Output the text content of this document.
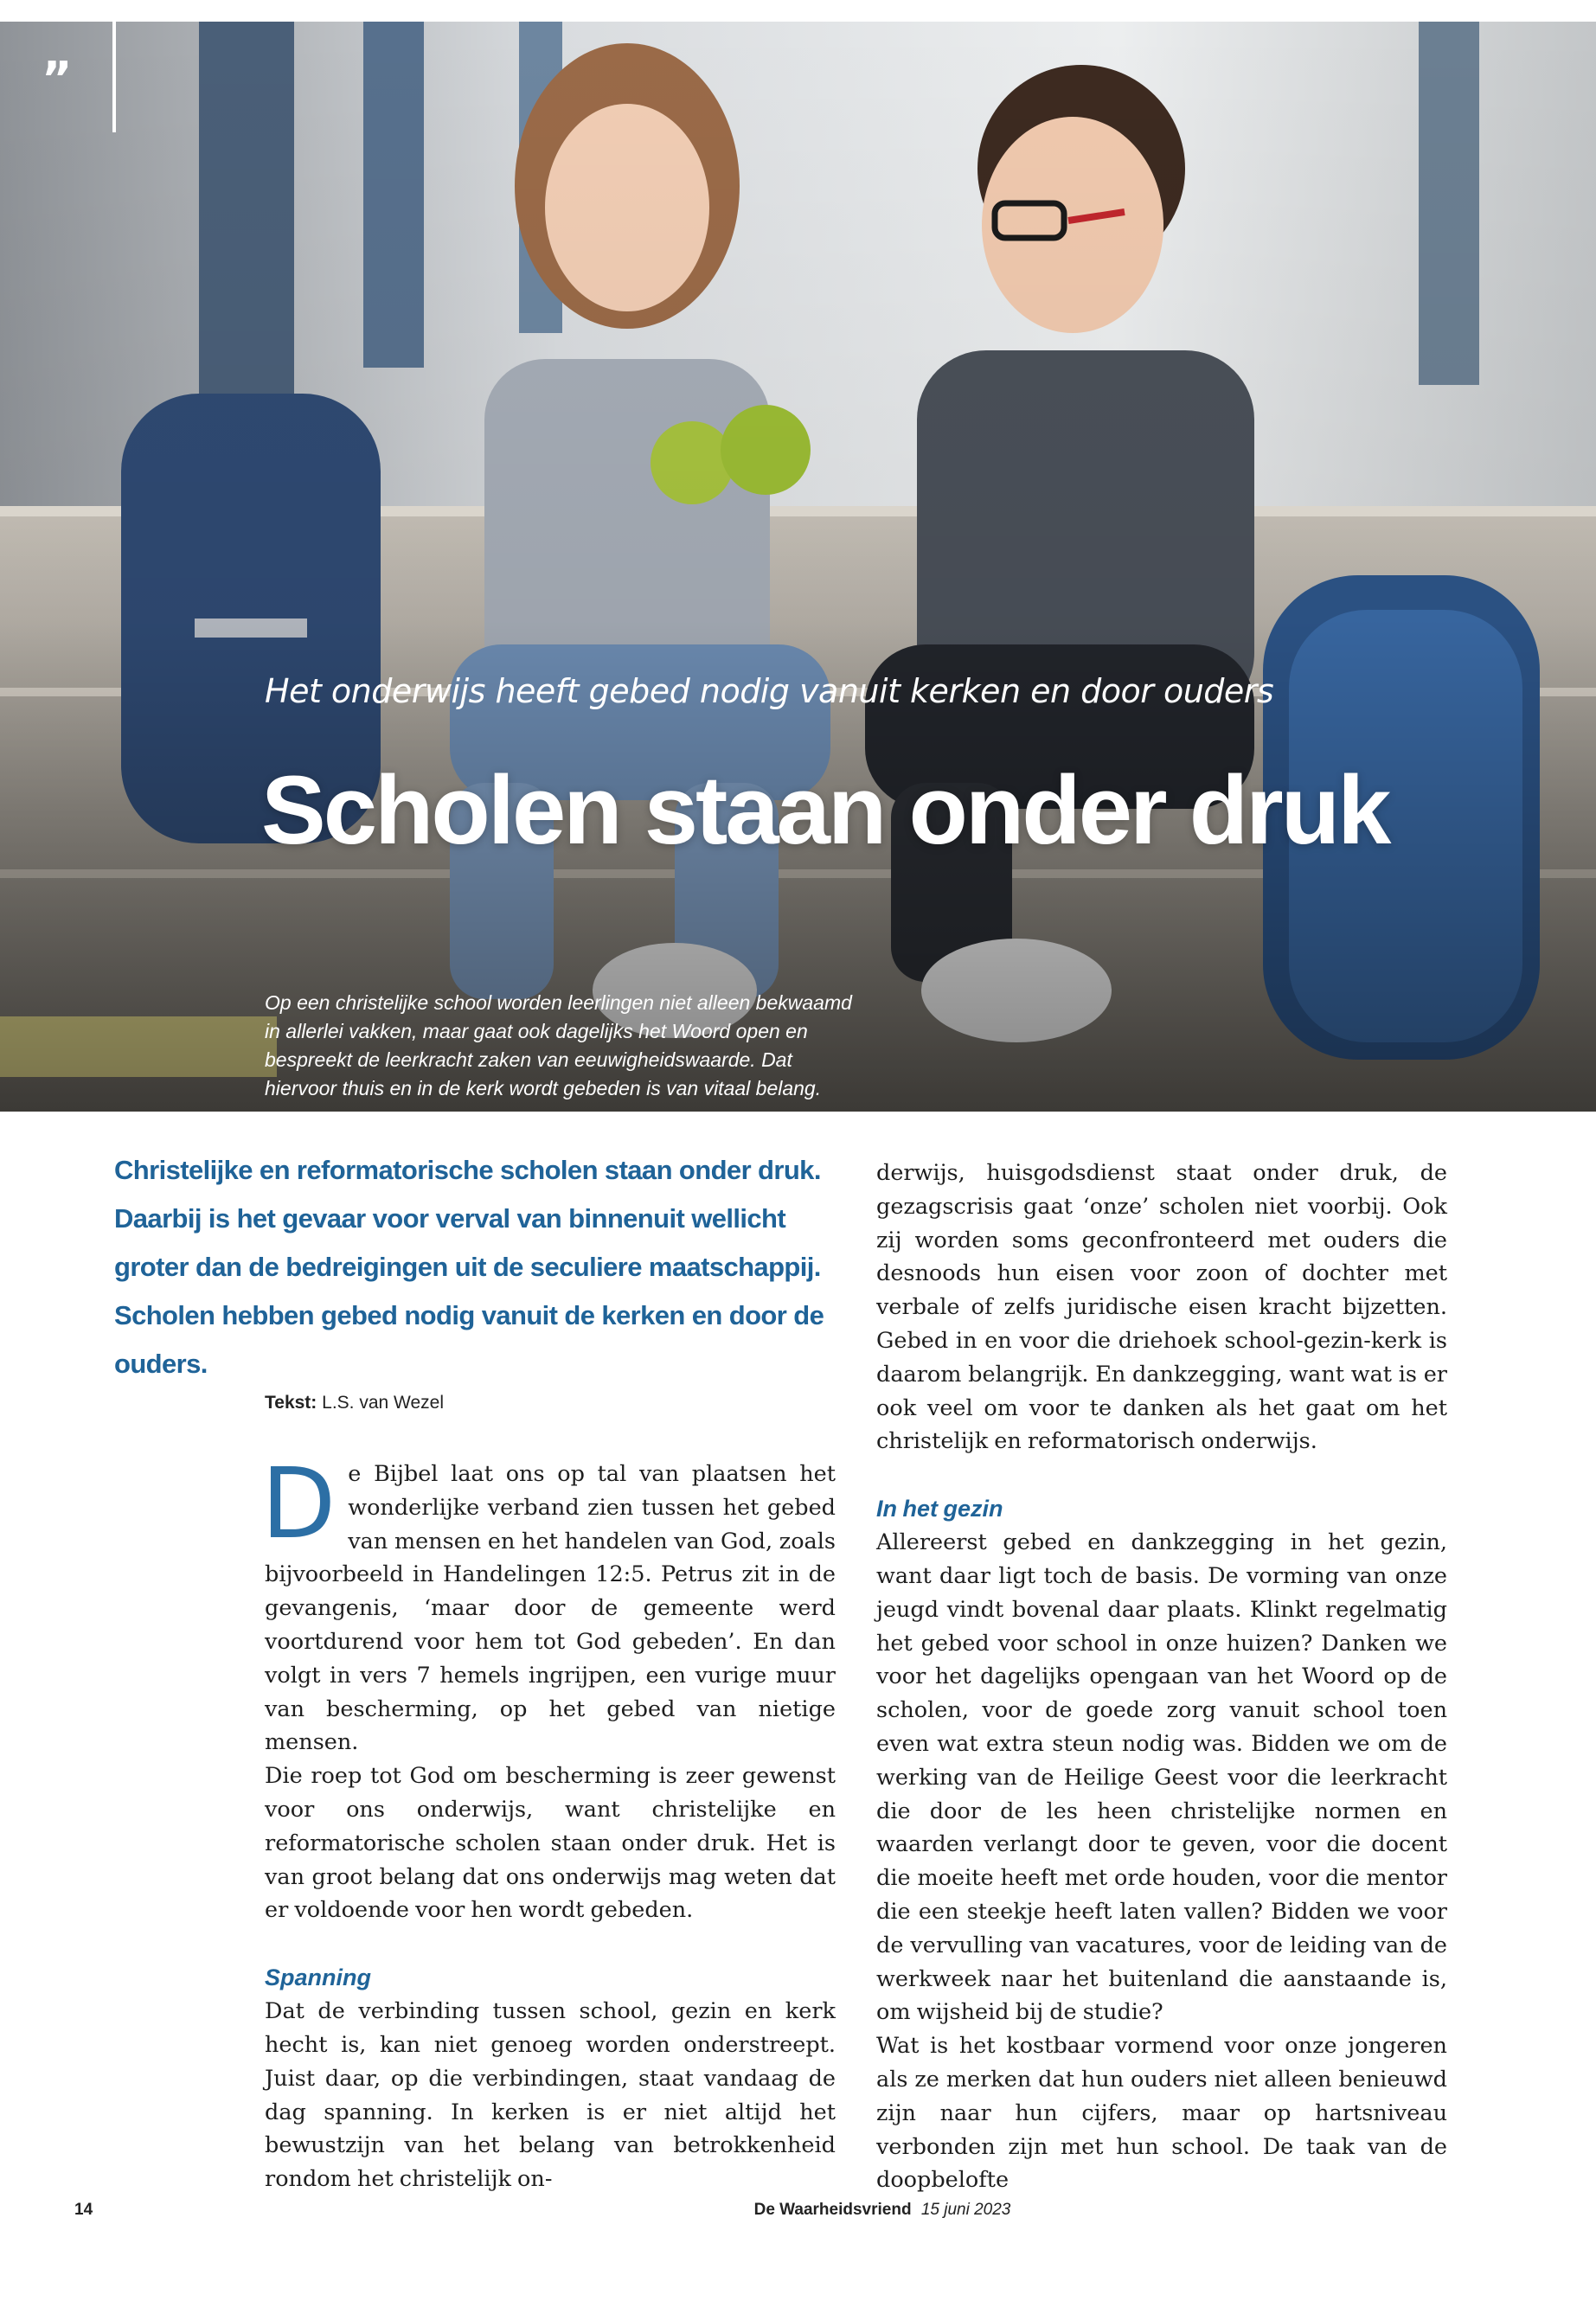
”
Het onderwijs heeft gebed nodig vanuit kerken en door ouders
Scholen staan onder druk
Op een christelijke school worden leerlingen niet alleen bekwaamd in allerlei vakken, maar gaat ook dagelijks het Woord open en bespreekt de leerkracht zaken van eeuwigheidswaarde. Dat hiervoor thuis en in de kerk wordt gebeden is van vitaal belang.
Christelijke en reformatorische scholen staan onder druk. Daarbij is het gevaar voor verval van binnenuit wellicht groter dan de bedreigingen uit de seculiere maatschappij. Scholen hebben gebed nodig vanuit de kerken en door de ouders.
Tekst: L.S. van Wezel

De Bijbel laat ons op tal van plaatsen het wonderlijke verband zien tussen het gebed van mensen en het handelen van God, zoals bijvoorbeeld in Handelingen 12:5. Petrus zit in de gevangenis, ‘maar door de gemeente werd voortdurend voor hem tot God gebeden’. En dan volgt in vers 7 hemels ingrijpen, een vurige muur van bescherming, op het gebed van nietige mensen.

Die roep tot God om bescherming is zeer gewenst voor ons onderwijs, want christelijke en reformatorische scholen staan onder druk. Het is van groot belang dat ons onderwijs mag weten dat er voldoende voor hen wordt gebeden.

Spanning

Dat de verbinding tussen school, gezin en kerk hecht is, kan niet genoeg worden onderstreept. Juist daar, op die verbindingen, staat vandaag de dag spanning. In kerken is er niet altijd het bewustzijn van het belang van betrokkenheid rondom het christelijk on-

derwijs, huisgodsdienst staat onder druk, de gezagscrisis gaat ‘onze’ scholen niet voorbij. Ook zij worden soms geconfronteerd met ouders die desnoods hun eisen voor zoon of dochter met verbale of zelfs juridische eisen kracht bijzetten. Gebed in en voor die driehoek school-gezin-kerk is daarom belangrijk. En dankzegging, want wat is er ook veel om voor te danken als het gaat om het christelijk en reformatorisch onderwijs.

In het gezin

Allereerst gebed en dankzegging in het gezin, want daar ligt toch de basis. De vorming van onze jeugd vindt bovenal daar plaats. Klinkt regelmatig het gebed voor school in onze huizen? Danken we voor het dagelijks opengaan van het Woord op de scholen, voor de goede zorg vanuit school toen even wat extra steun nodig was. Bidden we om de werking van de Heilige Geest voor die leerkracht die door de les heen christelijke normen en waarden verlangt door te geven, voor die docent die moeite heeft met orde houden, voor die mentor die een steekje heeft laten vallen? Bidden we voor de vervulling van vacatures, voor de leiding van de werkweek naar het buitenland die aanstaande is, om wijsheid bij de studie?

Wat is het kostbaar vormend voor onze jongeren als ze merken dat hun ouders niet alleen benieuwd zijn naar hun cijfers, maar op hartsniveau verbonden zijn met hun school. De taak van de doopbelofte

14	De Waarheidsvriend 15 juni 2023
